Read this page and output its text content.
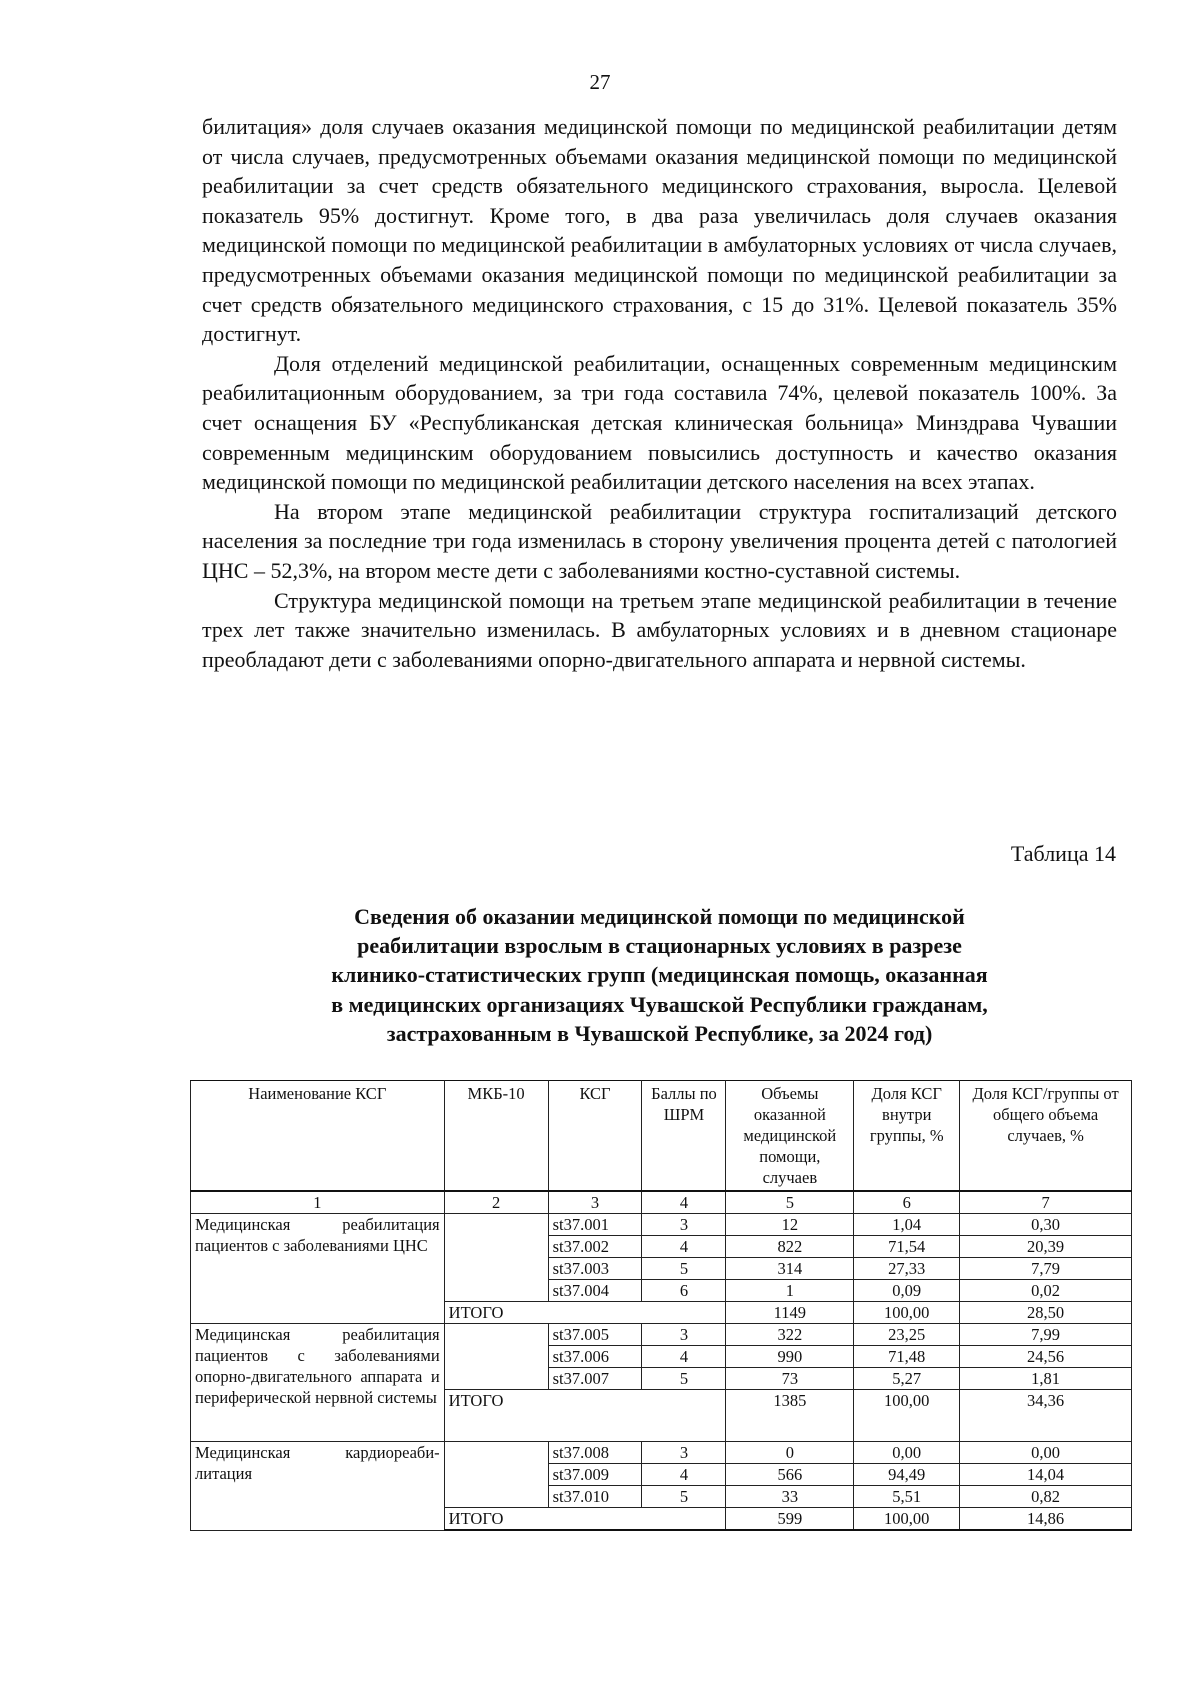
27

билитация» доля случаев оказания медицинской помощи по медицинской реабилитации детям от числа случаев, предусмотренных объемами оказания медицинской помощи по медицинской реабилитации за счет средств обязательного медицинского страхования, выросла. Целевой показатель 95% достигнут. Кроме того, в два раза увеличилась доля случаев оказания медицинской помощи по медицинской реабилитации в амбулаторных условиях от числа случаев, предусмотренных объемами оказания медицинской помощи по медицинской реабилитации за счет средств обязательного медицинского страхования, с 15 до 31%. Целевой показатель 35% достигнут.

Доля отделений медицинской реабилитации, оснащенных современным медицинским реабилитационным оборудованием, за три года составила 74%, целевой показатель 100%. За счет оснащения БУ «Республиканская детская клиническая больница» Минздрава Чувашии современным медицинским оборудованием повысились доступность и качество оказания медицинской помощи по медицинской реабилитации детского населения на всех этапах.

На втором этапе медицинской реабилитации структура госпитализаций детского населения за последние три года изменилась в сторону увеличения процента детей с патологией ЦНС – 52,3%, на втором месте дети с заболеваниями костно-суставной системы.

Структура медицинской помощи на третьем этапе медицинской реабилитации в течение трех лет также значительно изменилась. В амбулаторных условиях и в дневном стационаре преобладают дети с заболеваниями опорно-двигательного аппарата и нервной системы.

Таблица 14
Сведения об оказании медицинской помощи по медицинской
реабилитации взрослым в стационарных условиях в разрезе
клинико-статистических групп (медицинская помощь, оказанная
в медицинских организациях Чувашской Республики гражданам,
застрахованным в Чувашской Республике, за 2024 год)
Наименование КСГ	МКБ-10	КСГ	Баллы по ШРМ	Объемы оказанной медицинской помощи, случаев	Доля КСГ внутри группы, %	Доля КСГ/группы от общего объема случаев, %
1	2	3	4	5	6	7
Медицинская реабилитация пациентов с заболеваниями ЦНС		st37.001	3	12	1,04	0,30
		st37.002	4	822	71,54	20,39
		st37.003	5	314	27,33	7,79
		st37.004	6	1	0,09	0,02
	ИТОГО			1149	100,00	28,50
Медицинская реабилитация пациентов с заболеваниями опорно-двигательного аппарата и периферической нервной системы		st37.005	3	322	23,25	7,99
		st37.006	4	990	71,48	24,56
		st37.007	5	73	5,27	1,81
	ИТОГО			1385	100,00	34,36
Медицинская кардиореабилитация		st37.008	3	0	0,00	0,00
		st37.009	4	566	94,49	14,04
		st37.010	5	33	5,51	0,82
	ИТОГО			599	100,00	14,86
